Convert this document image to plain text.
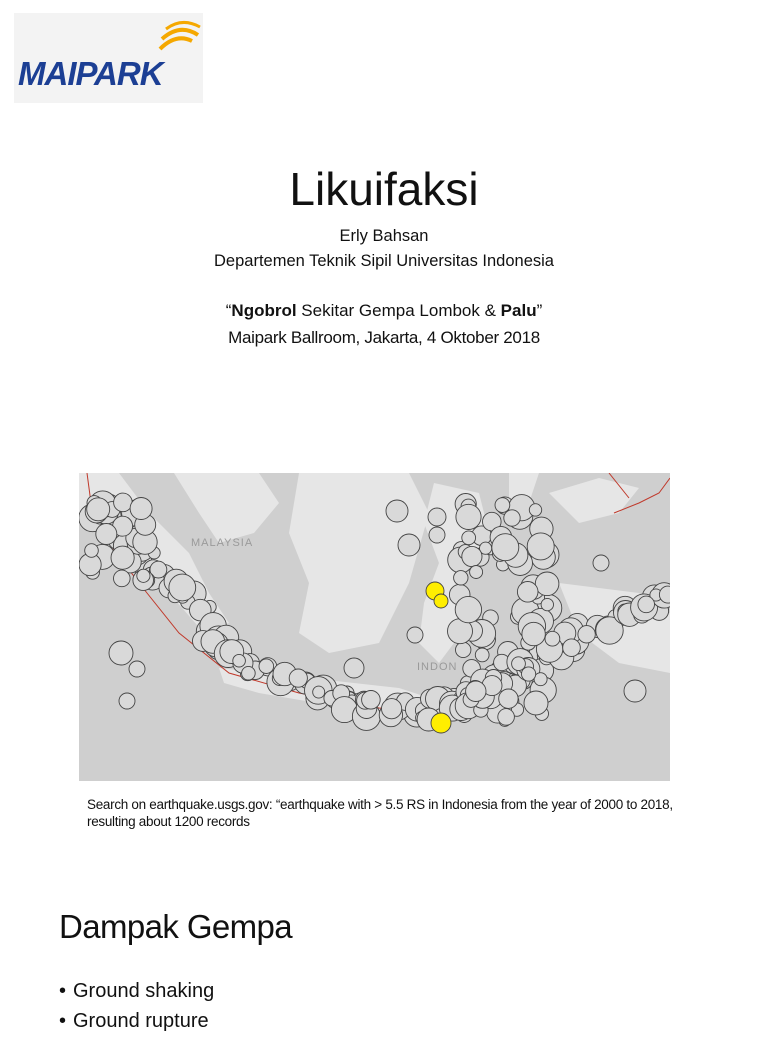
MAIPARK
Likuifaksi
Erly Bahsan
Departemen Teknik Sipil Universitas Indonesia
“Ngobrol Sekitar Gempa Lombok & Palu”
Maipark Ballroom, Jakarta, 4 Oktober 2018
MALAYSIA
INDON
Search on earthquake.usgs.gov: “earthquake with > 5.5 RS in Indonesia from the year of 2000 to 2018, resulting about 1200 records
Dampak Gempa
• Ground shaking
• Ground rupture
